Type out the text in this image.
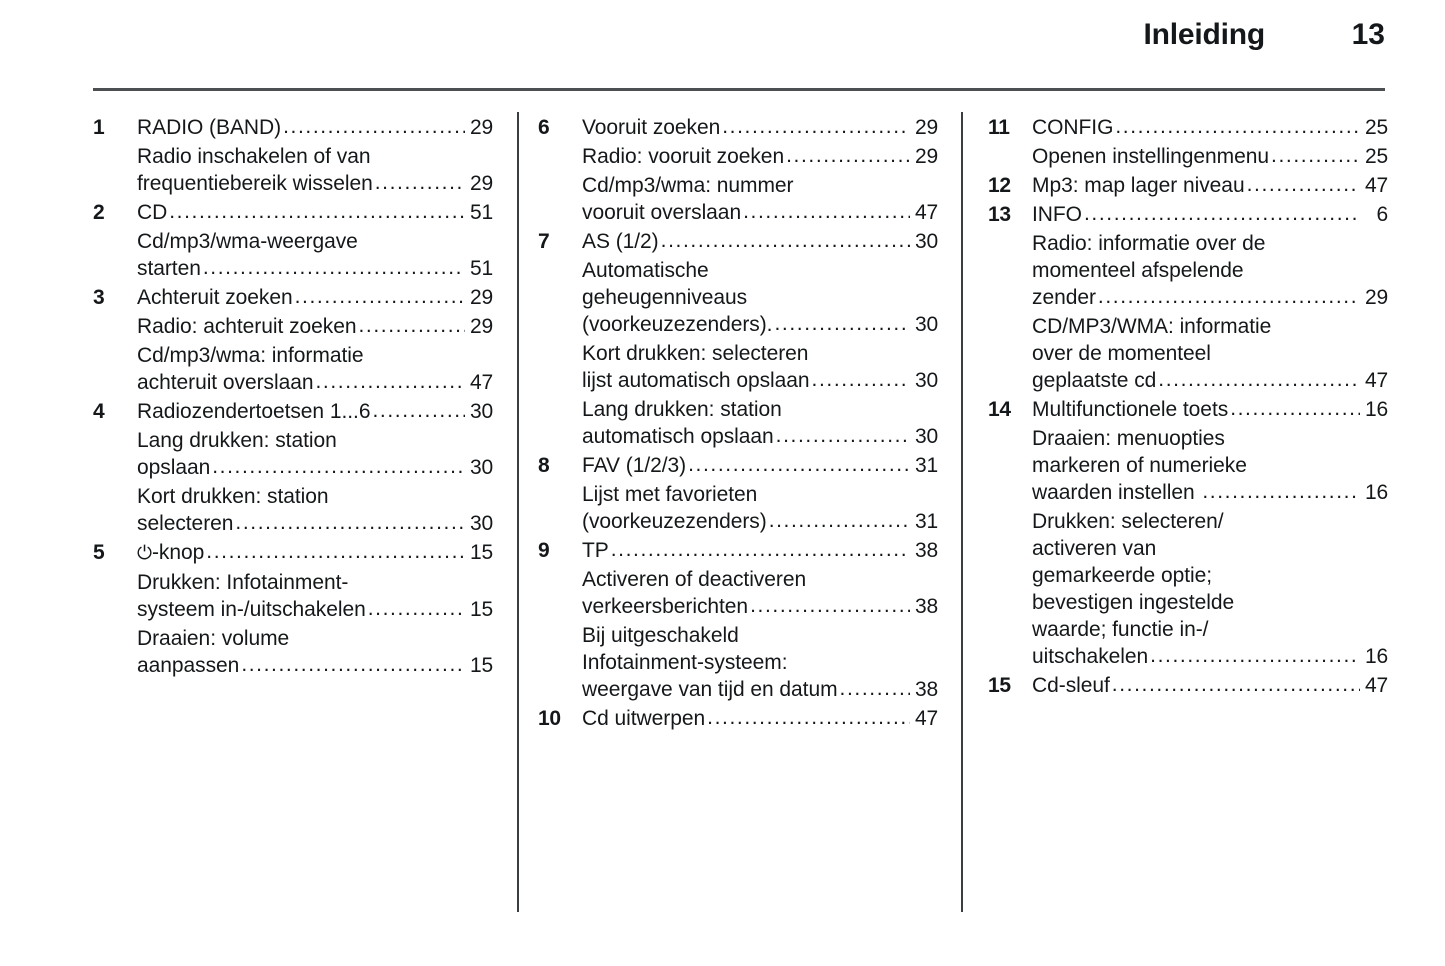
Inleiding	13
1	RADIO (BAND) .....	29
Radio inschakelen of van
frequentiebereik wisselen .....	29
2	CD .....	51
Cd/mp3/wma-weergave
starten .....	51
3	Achteruit zoeken .....	29
Radio: achteruit zoeken .....	29
Cd/mp3/wma: informatie
achteruit overslaan .....	47
4	Radiozendertoetsen 1...6 .....	30
Lang drukken: station
opslaan .....	30
Kort drukken: station
selecteren .....	30
5	⏻-knop .....	15
Drukken: Infotainment-
systeem in-/uitschakelen .....	15
Draaien: volume
aanpassen .....	15
6	Vooruit zoeken .....	29
Radio: vooruit zoeken .....	29
Cd/mp3/wma: nummer
vooruit overslaan .....	47
7	AS (1/2) .....	30
Automatische
geheugenniveaus
(voorkeuzezenders). .....	30
Kort drukken: selecteren
lijst automatisch opslaan .....	30
Lang drukken: station
automatisch opslaan .....	30
8	FAV (1/2/3) .....	31
Lijst met favorieten
(voorkeuzezenders) .....	31
9	TP .....	38
Activeren of deactiveren
verkeersberichten .....	38
Bij uitgeschakeld
Infotainment-systeem:
weergave van tijd en datum .....	38
10	Cd uitwerpen .....	47
11	CONFIG .....	25
Openen instellingenmenu .....	25
12	Mp3: map lager niveau .....	47
13	INFO .....	6
Radio: informatie over de
momenteel afspelende
zender .....	29
CD/MP3/WMA: informatie
over de momenteel
geplaatste cd .....	47
14	Multifunctionele toets .....	16
Draaien: menuopties
markeren of numerieke
waarden instellen .....	16
Drukken: selecteren/
activeren van
gemarkeerde optie;
bevestigen ingestelde
waarde; functie in-/
uitschakelen .....	16
15	Cd-sleuf .....	47
